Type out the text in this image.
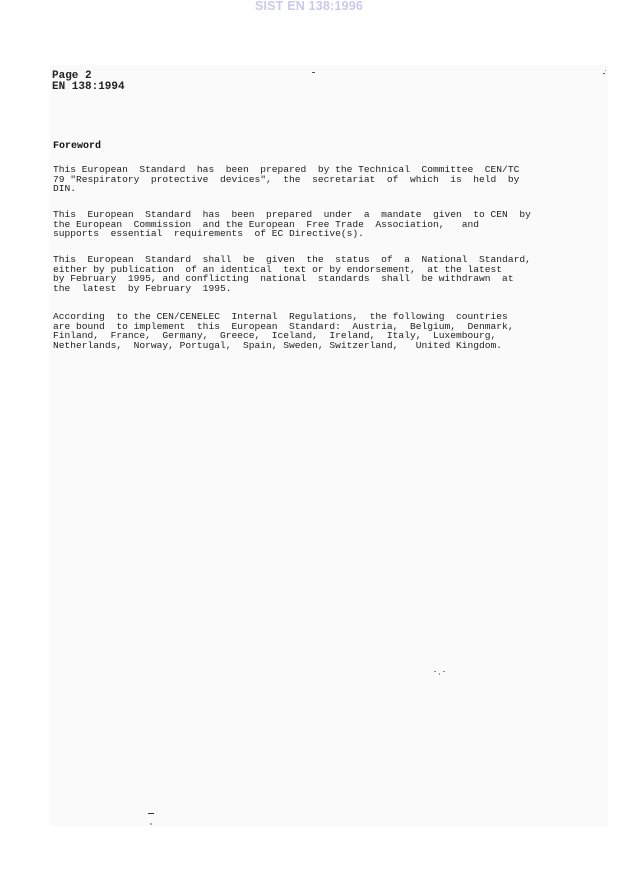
SIST EN 138:1996
Page 2
EN 138:1994
Foreword
This European  Standard  has  been  prepared  by the Technical  Committee  CEN/TC
79 "Respiratory  protective  devices",  the  secretariat  of  which  is  held  by
DIN.
This  European  Standard  has  been  prepared  under  a  mandate  given  to CEN  by
the European  Commission  and the European  Free Trade  Association,   and
supports  essential  requirements  of EC Directive(s).
This  European  Standard  shall  be  given  the  status  of  a  National  Standard,
either by publication  of an identical  text or by endorsement,  at the latest
by February  1995, and conflicting  national  standards  shall  be withdrawn  at
the  latest  by February  1995.
According  to the CEN/CENELEC  Internal  Regulations,  the following  countries
are bound  to implement  this  European  Standard:  Austria,  Belgium,  Denmark,
Finland,  France,  Germany,  Greece,  Iceland,  Ireland,  Italy,  Luxembourg,
Netherlands,  Norway, Portugal,  Spain, Sweden, Switzerland,   United Kingdom.
